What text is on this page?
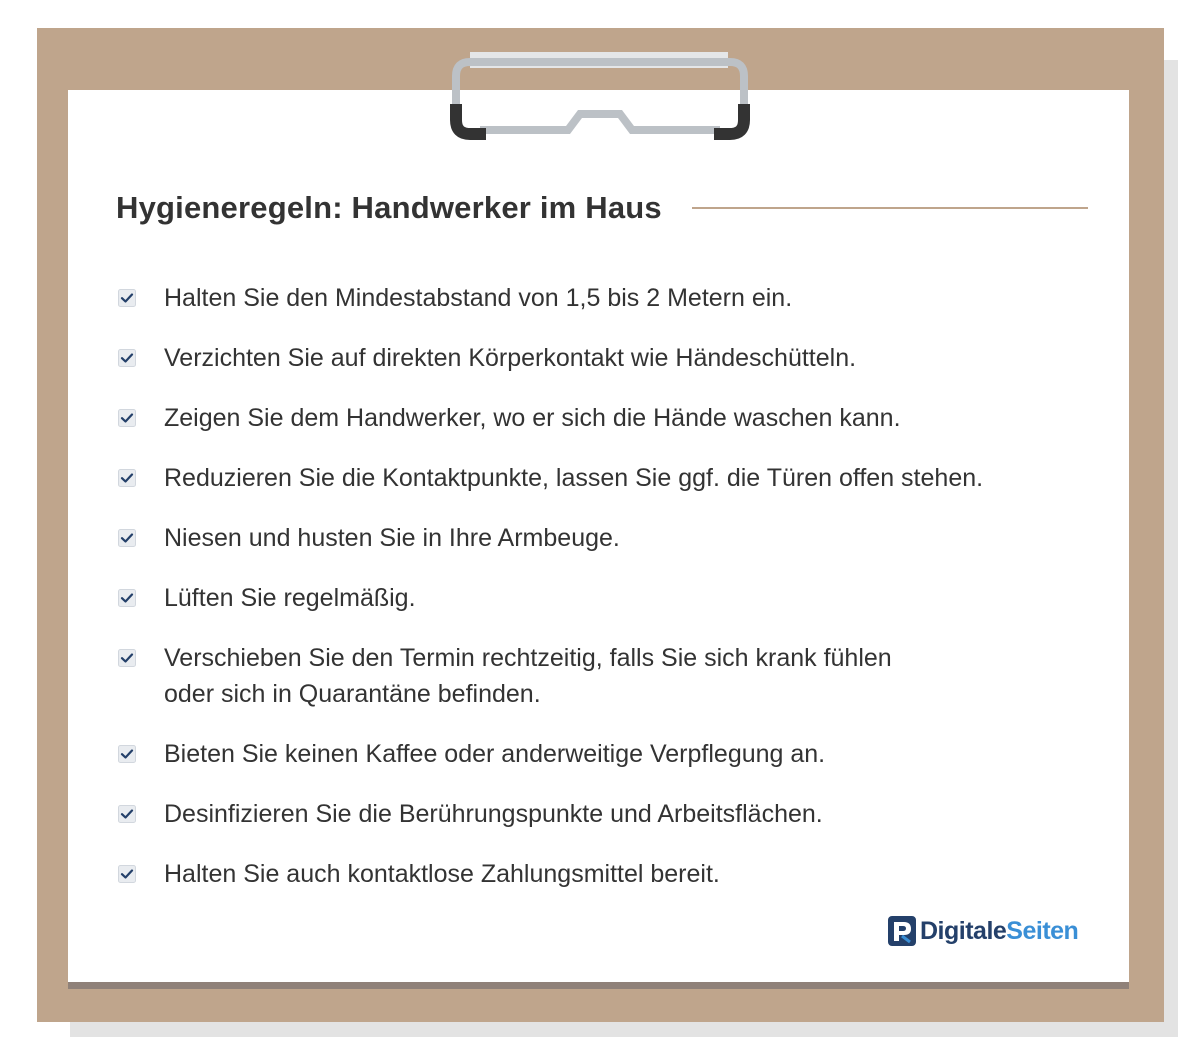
Hygieneregeln: Handwerker im Haus
Halten Sie den Mindestabstand von 1,5 bis 2 Metern ein.
Verzichten Sie auf direkten Körperkontakt wie Händeschütteln.
Zeigen Sie dem Handwerker, wo er sich die Hände waschen kann.
Reduzieren Sie die Kontaktpunkte, lassen Sie ggf. die Türen offen stehen.
Niesen und husten Sie in Ihre Armbeuge.
Lüften Sie regelmäßig.
Verschieben Sie den Termin rechtzeitig, falls Sie sich krank fühlen
oder sich in Quarantäne befinden.
Bieten Sie keinen Kaffee oder anderweitige Verpflegung an.
Desinfizieren Sie die Berührungspunkte und Arbeitsflächen.
Halten Sie auch kontaktlose Zahlungsmittel bereit.
Digitale Seiten
